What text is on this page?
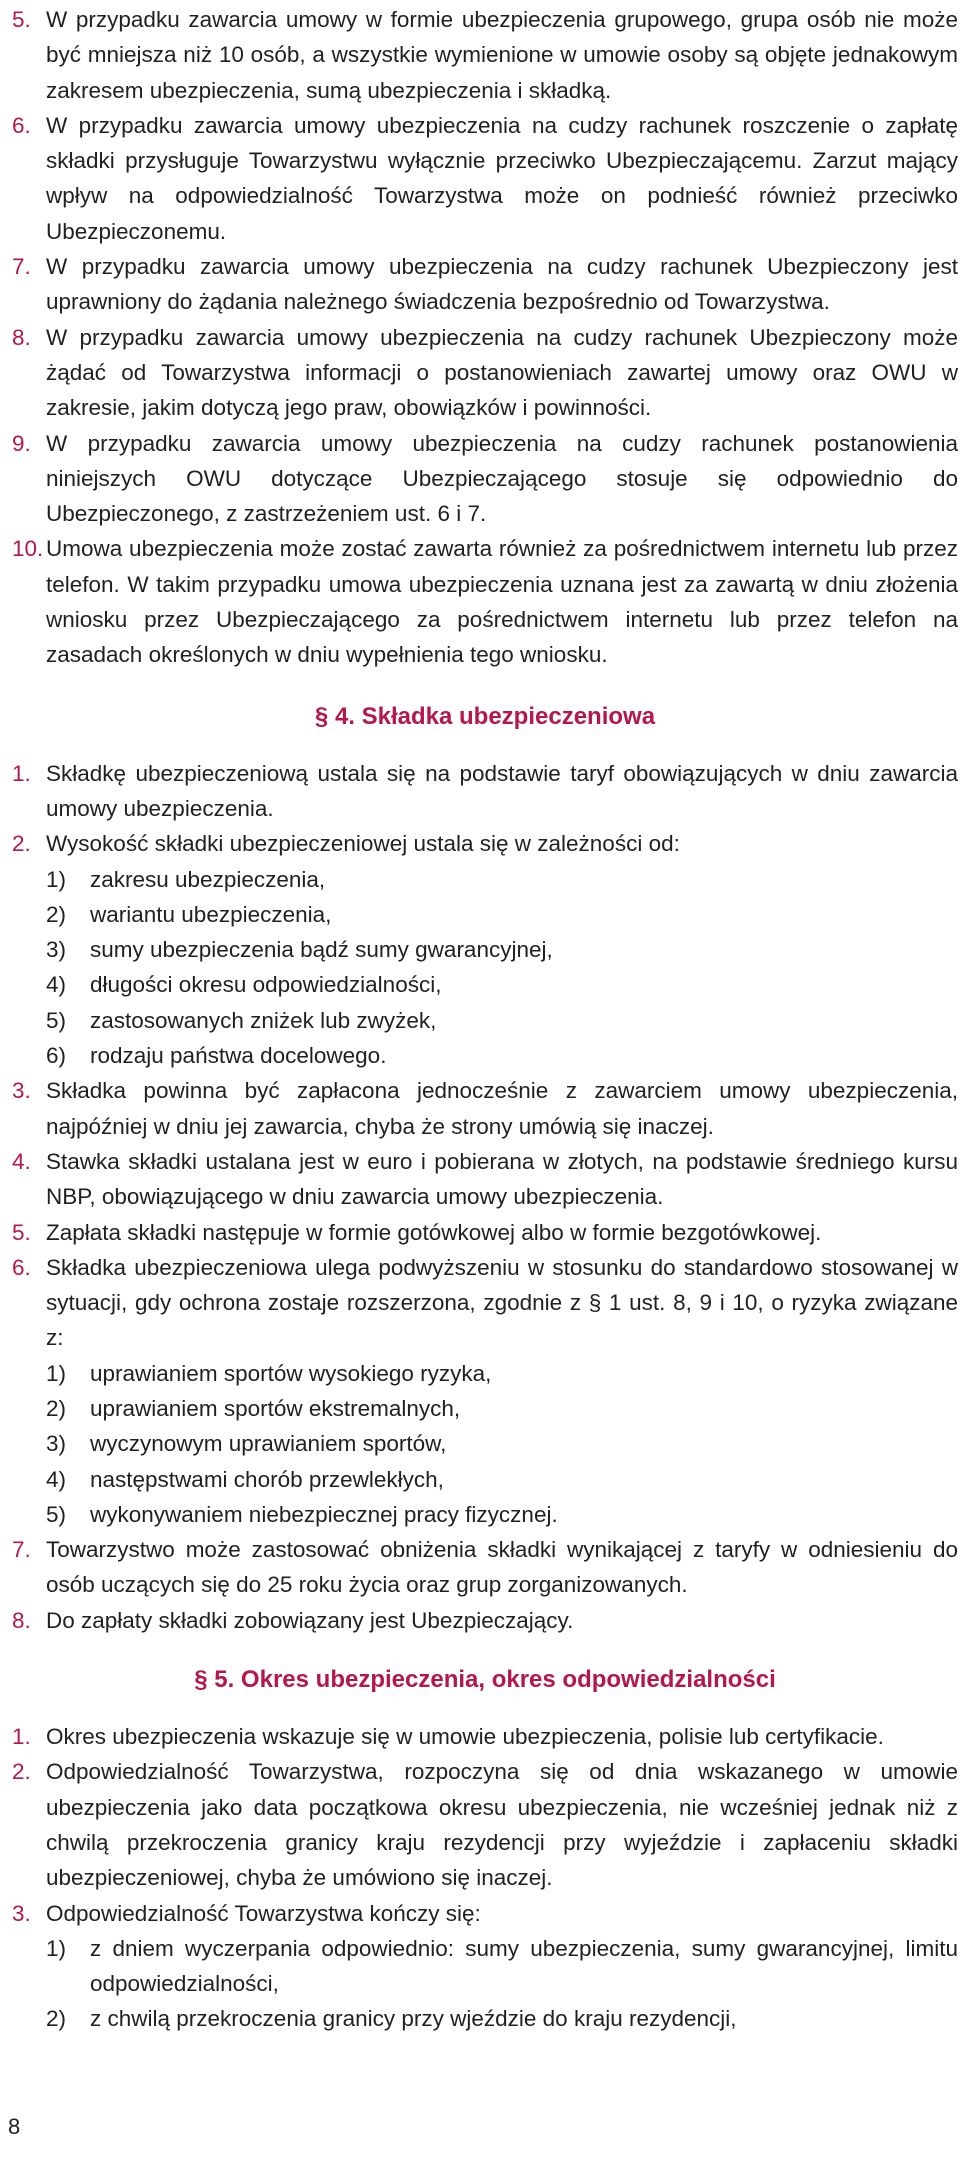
5. W przypadku zawarcia umowy w formie ubezpieczenia grupowego, grupa osób nie może być mniejsza niż 10 osób, a wszystkie wymienione w umowie osoby są objęte jednakowym zakresem ubezpieczenia, sumą ubezpieczenia i składką.

6. W przypadku zawarcia umowy ubezpieczenia na cudzy rachunek roszczenie o zapłatę składki przysługuje Towarzystwu wyłącznie przeciwko Ubezpieczającemu. Zarzut mający wpływ na odpowiedzialność Towarzystwa może on podnieść również przeciwko Ubezpieczonemu.

7. W przypadku zawarcia umowy ubezpieczenia na cudzy rachunek Ubezpieczony jest uprawniony do żądania należnego świadczenia bezpośrednio od Towarzystwa.

8. W przypadku zawarcia umowy ubezpieczenia na cudzy rachunek Ubezpieczony może żądać od Towarzystwa informacji o postanowieniach zawartej umowy oraz OWU w zakresie, jakim dotyczą jego praw, obowiązków i powinności.

9. W przypadku zawarcia umowy ubezpieczenia na cudzy rachunek postanowienia niniejszych OWU dotyczące Ubezpieczającego stosuje się odpowiednio do Ubezpieczonego, z zastrzeżeniem ust. 6 i 7.

10. Umowa ubezpieczenia może zostać zawarta również za pośrednictwem internetu lub przez telefon. W takim przypadku umowa ubezpieczenia uznana jest za zawartą w dniu złożenia wniosku przez Ubezpieczającego za pośrednictwem internetu lub przez telefon na zasadach określonych w dniu wypełnienia tego wniosku.

§ 4. Składka ubezpieczeniowa

1. Składkę ubezpieczeniową ustala się na podstawie taryf obowiązujących w dniu zawarcia umowy ubezpieczenia.

2. Wysokość składki ubezpieczeniowej ustala się w zależności od:

1)	zakresu ubezpieczenia,

2)	wariantu ubezpieczenia,

3)	sumy ubezpieczenia bądź sumy gwarancyjnej,

4)	długości okresu odpowiedzialności,

5)	zastosowanych zniżek lub zwyżek,

6)	rodzaju państwa docelowego.

3. Składka powinna być zapłacona jednocześnie z zawarciem umowy ubezpieczenia, najpóźniej w dniu jej zawarcia, chyba że strony umówią się inaczej.

4. Stawka składki ustalana jest w euro i pobierana w złotych, na podstawie średniego kursu NBP, obowiązującego w dniu zawarcia umowy ubezpieczenia.

5. Zapłata składki następuje w formie gotówkowej albo w formie bezgotówkowej.

6. Składka ubezpieczeniowa ulega podwyższeniu w stosunku do standardowo stosowanej w sytuacji, gdy ochrona zostaje rozszerzona, zgodnie z § 1 ust. 8, 9 i 10, o ryzyka związane z:

1)	uprawianiem sportów wysokiego ryzyka,

2)	uprawianiem sportów ekstremalnych,

3)	wyczynowym uprawianiem sportów,

4)	następstwami chorób przewlekłych,

5)	wykonywaniem niebezpiecznej pracy fizycznej.

7. Towarzystwo może zastosować obniżenia składki wynikającej z taryfy w odniesieniu do osób uczących się do 25 roku życia oraz grup zorganizowanych.

8. Do zapłaty składki zobowiązany jest Ubezpieczający.

§ 5. Okres ubezpieczenia, okres odpowiedzialności

1. Okres ubezpieczenia wskazuje się w umowie ubezpieczenia, polisie lub certyfikacie.

2. Odpowiedzialność Towarzystwa, rozpoczyna się od dnia wskazanego w umowie ubezpieczenia jako data początkowa okresu ubezpieczenia, nie wcześniej jednak niż z chwilą przekroczenia granicy kraju rezydencji przy wyjeździe i zapłaceniu składki ubezpieczeniowej, chyba że umówiono się inaczej.

3. Odpowiedzialność Towarzystwa kończy się:

1)	z dniem wyczerpania odpowiednio: sumy ubezpieczenia, sumy gwarancyjnej, limitu odpowiedzialności,

2)	z chwilą przekroczenia granicy przy wjeździe do kraju rezydencji,

8
